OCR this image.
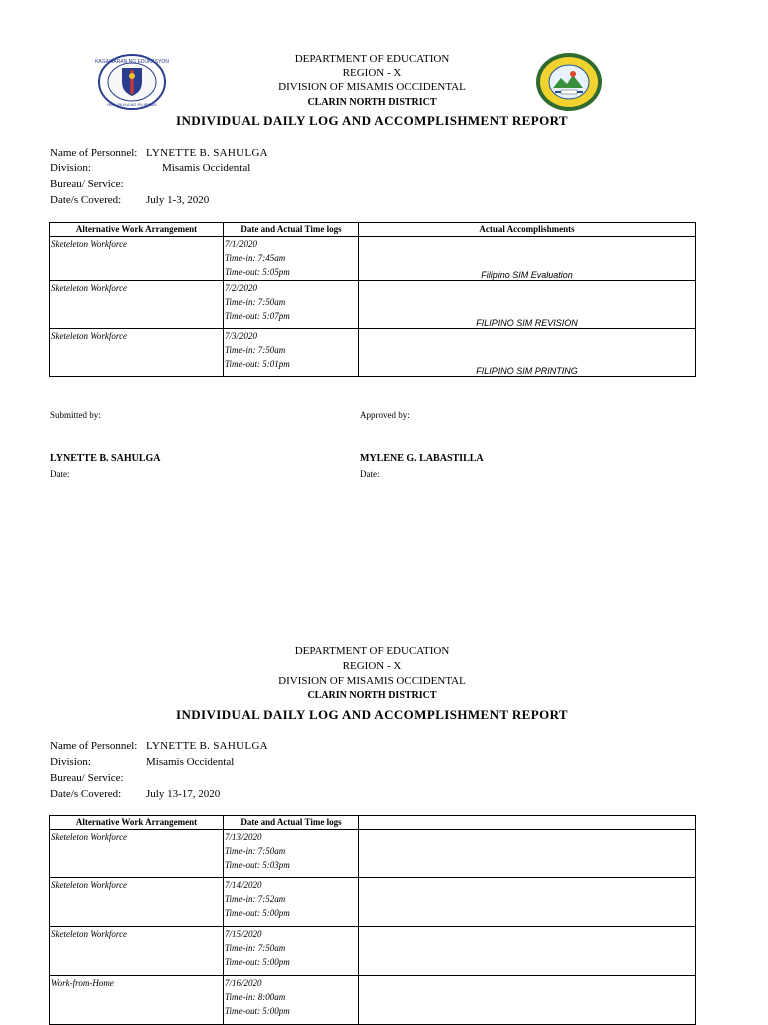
KAGAWARAN NG EDUKASYON
REPUBLIKA NG PILIPINAS
DEPARTMENT OF EDUCATION
REGION - X
DIVISION OF MISAMIS OCCIDENTAL
CLARIN NORTH DISTRICT
INDIVIDUAL DAILY LOG AND ACCOMPLISHMENT REPORT
Name of Personnel: LYNETTE B. SAHULGA
Division:	Misamis Occidental
Bureau/ Service:
Date/s Covered: July 1-3, 2020
Alternative Work Arrangement	Date and Actual Time logs	Actual Accomplishments
Sketeleton Workforce	7/1/2020
Time-in: 7:45am
Time-out: 5:05pm	Filipino SIM Evaluation
Sketeleton Workforce	7/2/2020
Time-in: 7:50am
Time-out: 5:07pm	FILIPINO SIM REVISION
Sketeleton Workforce	7/3/2020
Time-in: 7:50am
Time-out: 5:01pm	FILIPINO SIM PRINTING
Submitted by:	Approved by:
LYNETTE B. SAHULGA	MYLENE G. LABASTILLA
Date:	Date:
DEPARTMENT OF EDUCATION
REGION - X
DIVISION OF MISAMIS OCCIDENTAL
CLARIN NORTH DISTRICT
INDIVIDUAL DAILY LOG AND ACCOMPLISHMENT REPORT
Name of Personnel: LYNETTE B. SAHULGA
Division:	Misamis Occidental
Bureau/ Service:
Date/s Covered: July 13-17, 2020
Alternative Work Arrangement	Date and Actual Time logs	
Sketeleton Workforce	7/13/2020
Time-in: 7:50am
Time-out: 5:03pm	

Sketeleton Workforce	7/14/2020
Time-in: 7:52am
Time-out: 5:00pm	

Sketeleton Workforce	7/15/2020
Time-in: 7:50am
Time-out: 5:00pm	

Work-from-Home	7/16/2020
Time-in: 8:00am
Time-out: 5:00pm	
